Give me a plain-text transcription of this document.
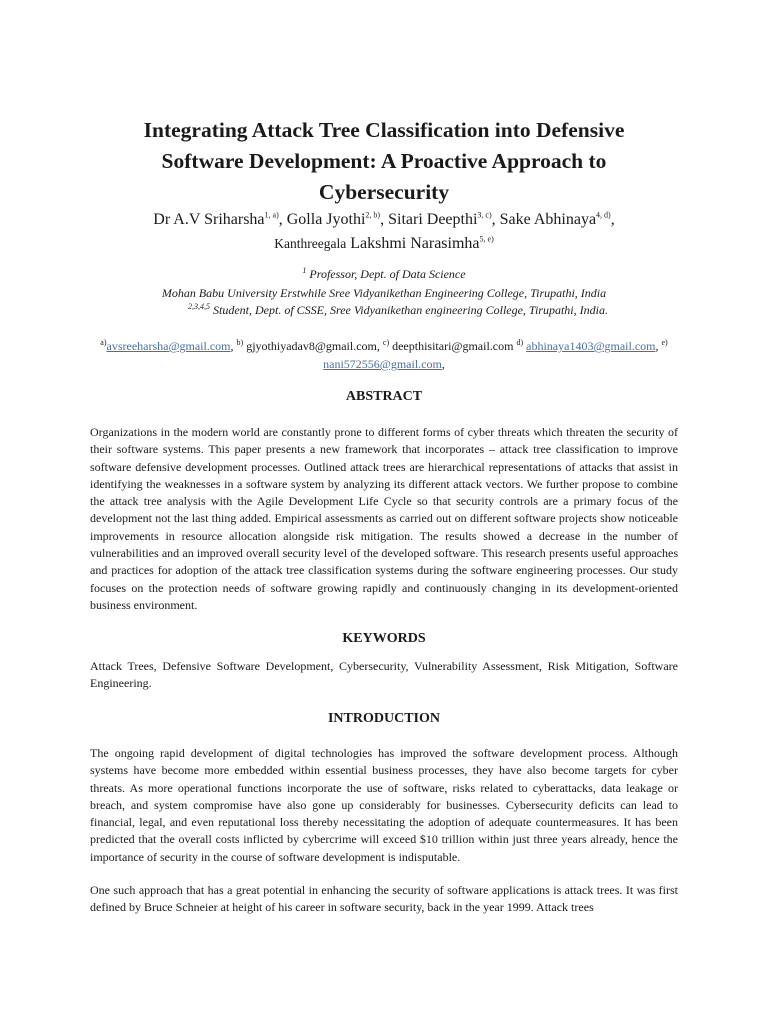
Integrating Attack Tree Classification into Defensive Software Development: A Proactive Approach to Cybersecurity
Dr A.V Sriharsha$^{1, a)}$, Golla Jyothi$^{2, b)}$, Sitari Deepthi$^{3, c)}$, Sake Abhinaya$^{4, d)}$,
Kanthreegala Lakshmi Narasimha$^{5, e)}$
$^1$ Professor, Dept. of Data Science
Mohan Babu University Erstwhile Sree Vidyanikethan Engineering College, Tirupathi, India
$^{2,3,4,5}$ Student, Dept. of CSSE, Sree Vidyanikethan engineering College, Tirupathi, India.
$^{a)}$avsreeharsha@gmail.com, $^{b)}$ gjyothiyadav8@gmail.com, $^{c)}$ deepthisitari@gmail.com $^{d)}$ abhinaya1403@gmail.com, $^{e)}$ nani572556@gmail.com,
ABSTRACT

Organizations in the modern world are constantly prone to different forms of cyber threats which threaten the security of their software systems. This paper presents a new framework that incorporates – attack tree classification to improve software defensive development processes. Outlined attack trees are hierarchical representations of attacks that assist in identifying the weaknesses in a software system by analyzing its different attack vectors. We further propose to combine the attack tree analysis with the Agile Development Life Cycle so that security controls are a primary focus of the development not the last thing added. Empirical assessments as carried out on different software projects show noticeable improvements in resource allocation alongside risk mitigation. The results showed a decrease in the number of vulnerabilities and an improved overall security level of the developed software. This research presents useful approaches and practices for adoption of the attack tree classification systems during the software engineering processes. Our study focuses on the protection needs of software growing rapidly and continuously changing in its development-oriented business environment.

KEYWORDS

Attack Trees, Defensive Software Development, Cybersecurity, Vulnerability Assessment, Risk Mitigation, Software Engineering.

INTRODUCTION

The ongoing rapid development of digital technologies has improved the software development process. Although systems have become more embedded within essential business processes, they have also become targets for cyber threats. As more operational functions incorporate the use of software, risks related to cyberattacks, data leakage or breach, and system compromise have also gone up considerably for businesses. Cybersecurity deficits can lead to financial, legal, and even reputational loss thereby necessitating the adoption of adequate countermeasures. It has been predicted that the overall costs inflicted by cybercrime will exceed $10 trillion within just three years already, hence the importance of security in the course of software development is indisputable.

One such approach that has a great potential in enhancing the security of software applications is attack trees. It was first defined by Bruce Schneier at height of his career in software security, back in the year 1999. Attack trees
